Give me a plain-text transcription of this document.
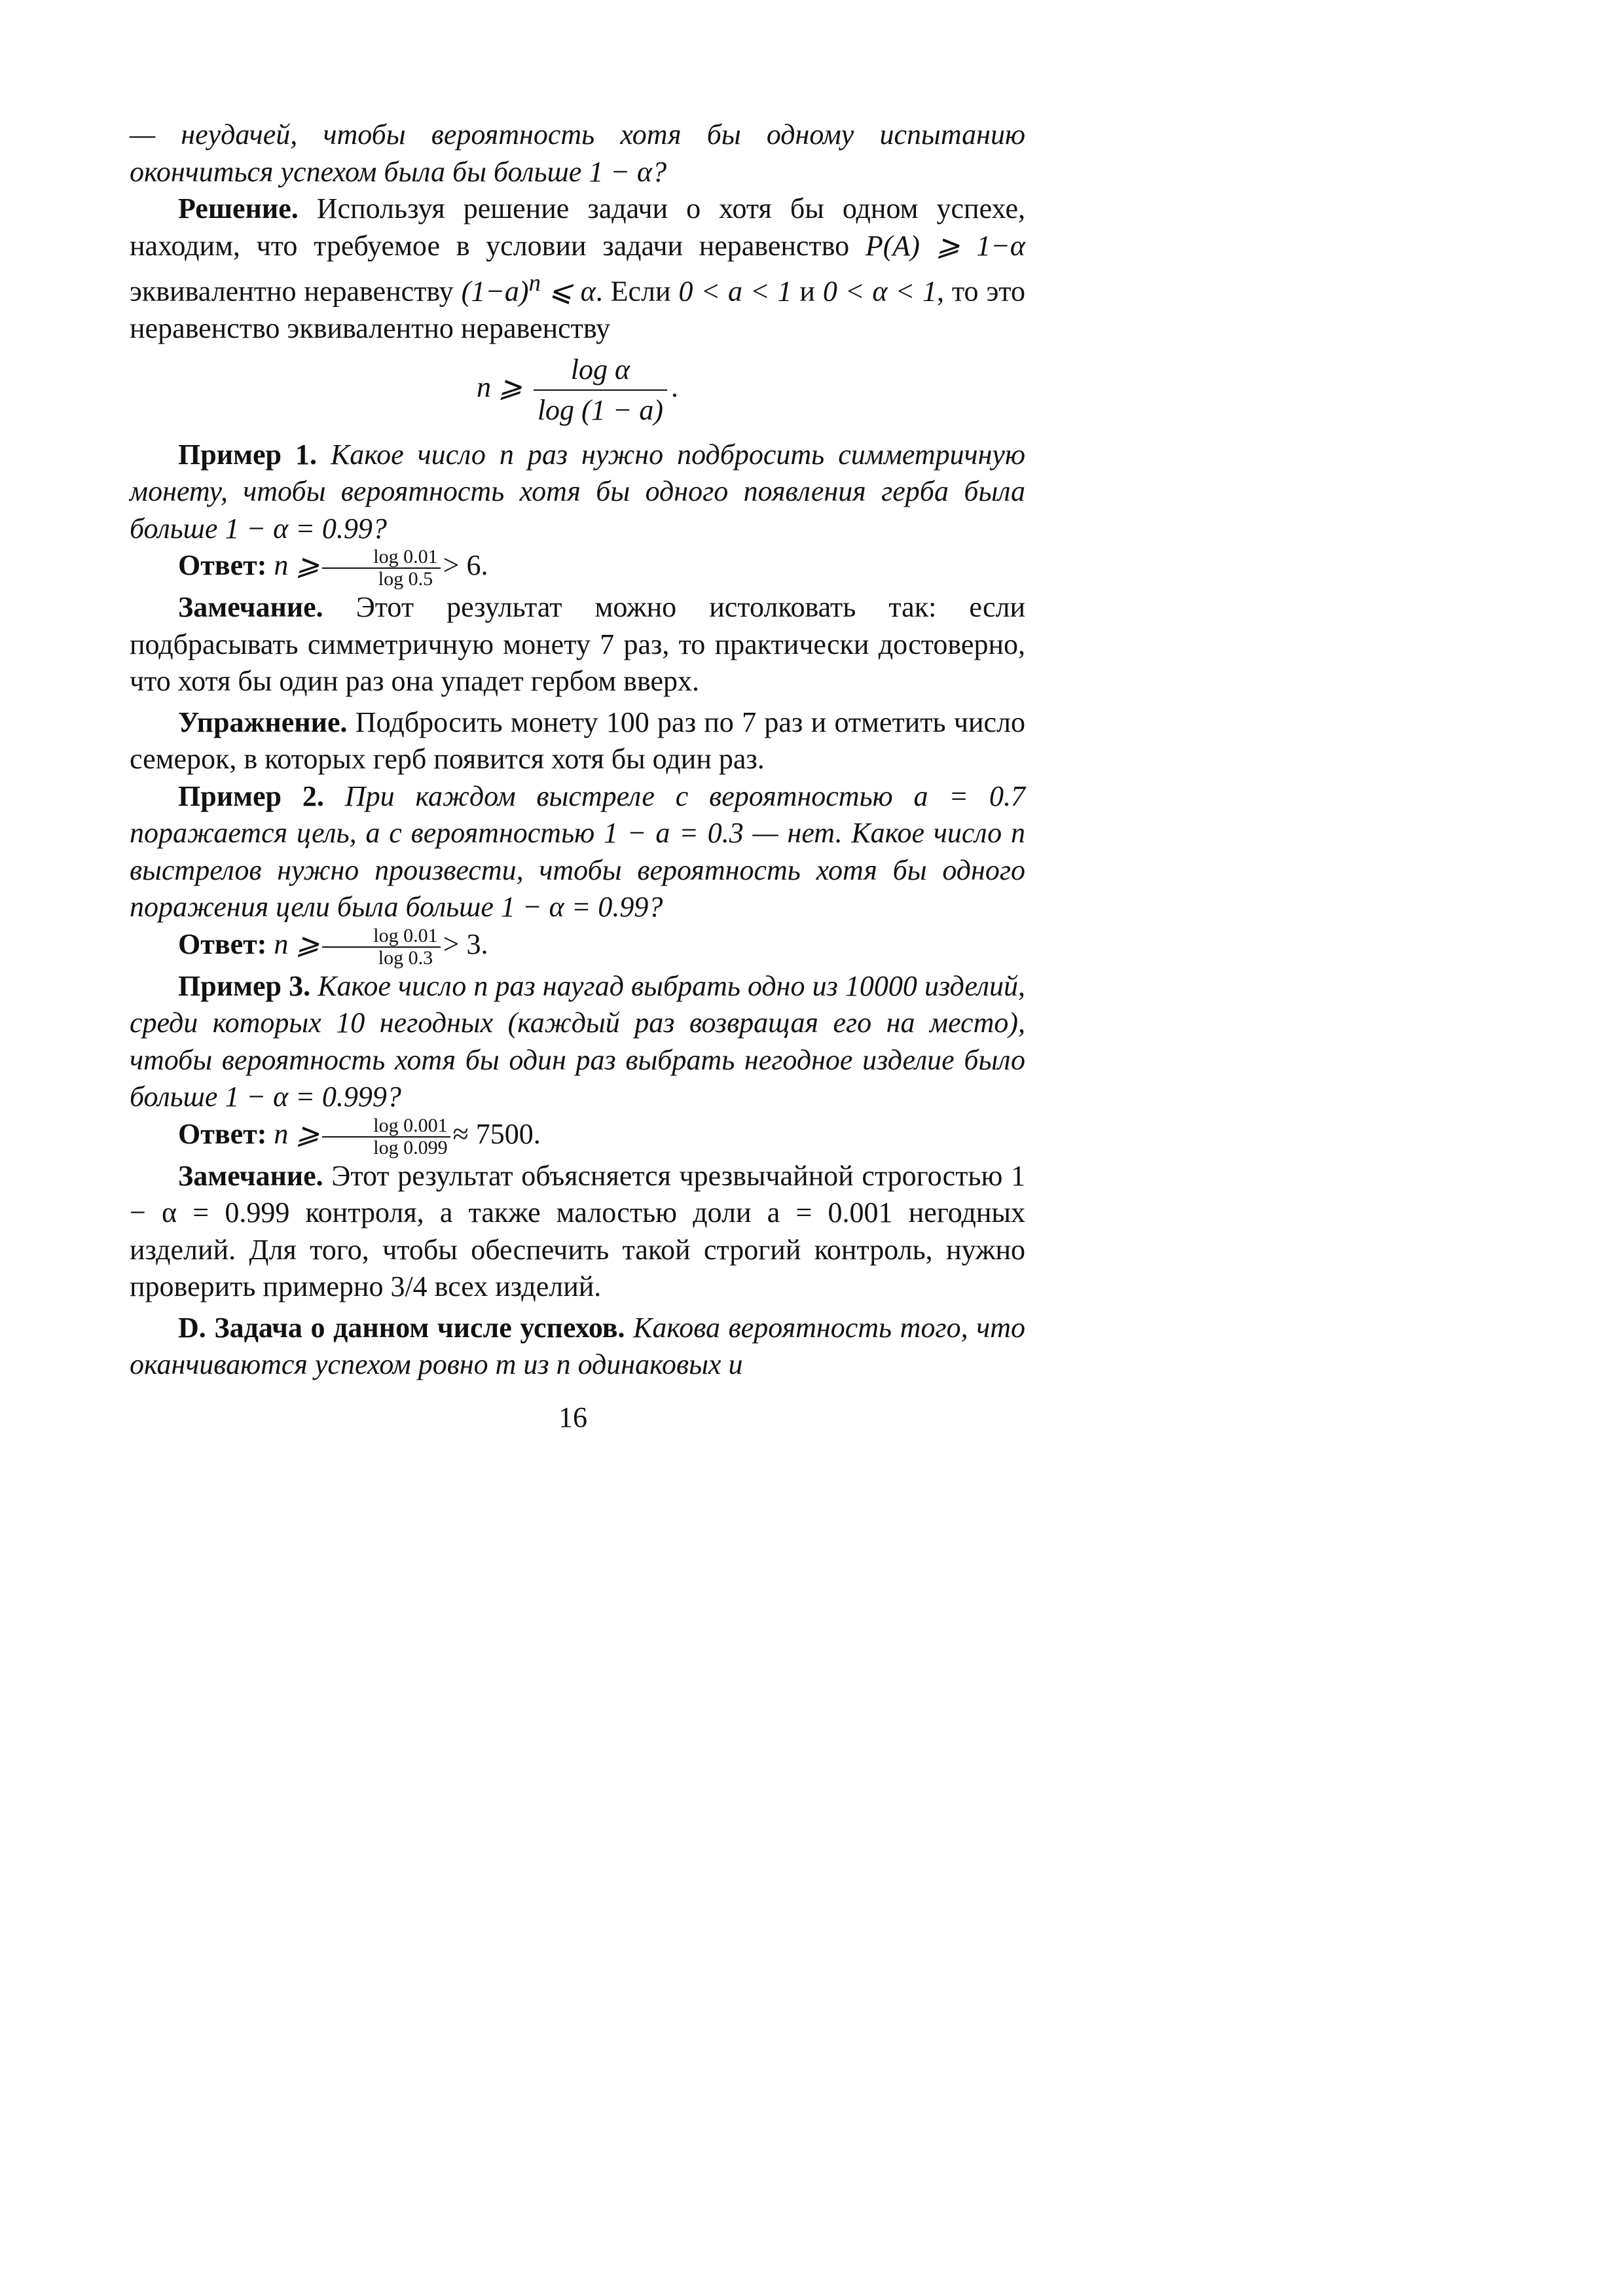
— неудачей, чтобы вероятность хотя бы одному испытанию окончиться успехом была бы больше 1 − α?

Решение. Используя решение задачи о хотя бы одном успехе, находим, что требуемое в условии задачи неравенство P(A) ⩾ 1−α эквивалентно неравенству $(1-a)^n$ ⩽ α. Если 0 < a < 1 и 0 < α < 1, то это неравенство эквивалентно неравенству

n ⩾ $\frac{\text{log α}}{\log (1 - a)}$ .

Пример 1. Какое число n раз нужно подбросить симметричную монету, чтобы вероятность хотя бы одного появления герба была больше 1 − α = 0.99?

Ответ: n ⩾ $\frac{\log 0.01}{\log 0.5} > 6$.

Замечание. Этот результат можно истолковать так: если подбрасывать симметричную монету 7 раз, то практически достоверно, что хотя бы один раз она упадет гербом вверх.

Упражнение. Подбросить монету 100 раз по 7 раз и отметить число семерок, в которых герб появится хотя бы один раз.

Пример 2. При каждом выстреле с вероятностью a = 0.7 поражается цель, а с вероятностью 1 − a = 0.3 — нет. Какое число n выстрелов нужно произвести, чтобы вероятность хотя бы одного поражения цели была больше 1 − α = 0.99?

Ответ: n ⩾ $\frac{\log 0.01}{\log 0.3} > 3$.

Пример 3. Какое число n раз наугад выбрать одно из 10000 изделий, среди которых 10 негодных (каждый раз возвращая его на место), чтобы вероятность хотя бы один раз выбрать негодное изделие было больше 1 − α = 0.999?

Ответ: n ⩾ $\frac{\log 0.001}{\log 0.099} \approx 7500$.

Замечание. Этот результат объясняется чрезвычайной строгостью 1 − α = 0.999 контроля, а также малостью доли a = 0.001 негодных изделий. Для того, чтобы обеспечить такой строгий контроль, нужно проверить примерно 3/4 всех изделий.

D. Задача о данном числе успехов. Какова вероятность того, что оканчиваются успехом ровно m из n одинаковых и

16
